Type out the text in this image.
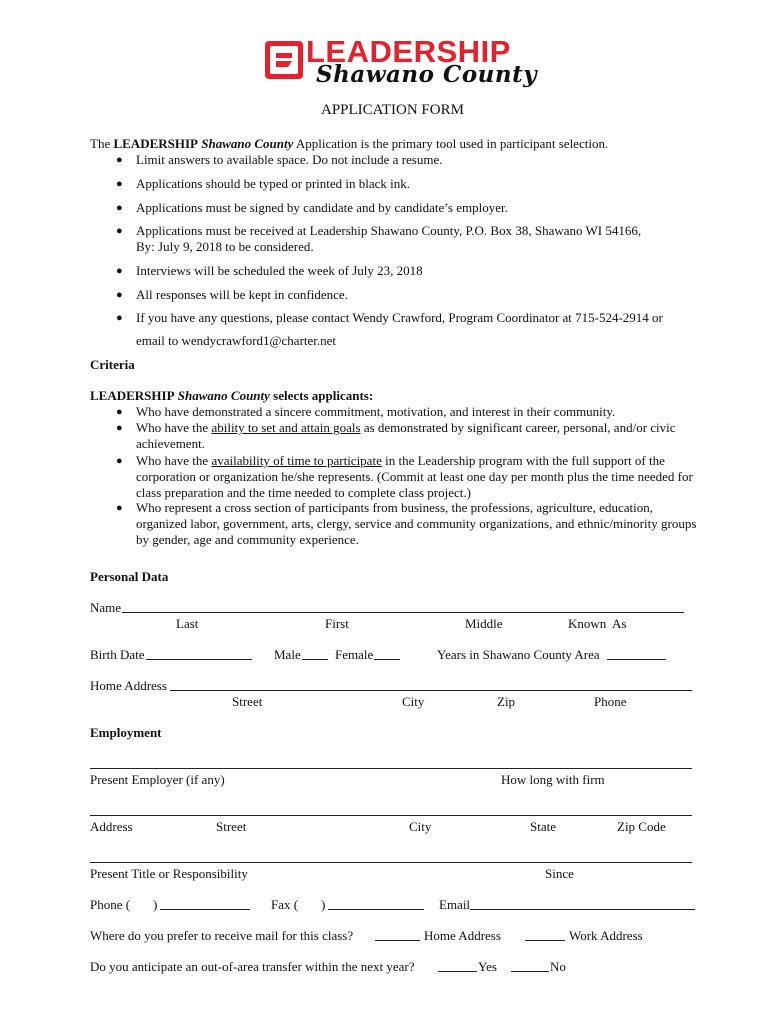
LEADERSHIP
Shawano County
APPLICATION FORM
The LEADERSHIP Shawano County Application is the primary tool used in participant selection.
● Limit answers to available space. Do not include a resume.
● Applications should be typed or printed in black ink.
● Applications must be signed by candidate and by candidate’s employer.
● Applications must be received at Leadership Shawano County, P.O. Box 38, Shawano WI 54166,
By: July 9, 2018 to be considered.
● Interviews will be scheduled the week of July 23, 2018
● All responses will be kept in confidence.
● If you have any questions, please contact Wendy Crawford, Program Coordinator at 715-524-2914 or
email to wendycrawford1@charter.net
Criteria
LEADERSHIP Shawano County selects applicants:
● Who have demonstrated a sincere commitment, motivation, and interest in their community.
● Who have the ability to set and attain goals as demonstrated by significant career, personal, and/or civic achievement.
● Who have the availability of time to participate in the Leadership program with the full support of the corporation or organization he/she represents. (Commit at least one day per month plus the time needed for class preparation and the time needed to complete class project.)
● Who represent a cross section of participants from business, the professions, agriculture, education, organized labor, government, arts, clergy, service and community organizations, and ethnic/minority groups by gender, age and community experience.
Personal Data
Name
Last	First	Middle	Known  As
Birth Date	Male	Female	Years in Shawano County Area
Home Address
Street	City	Zip	Phone
Employment
Present Employer (if any)	How long with firm
Address	Street	City	State	Zip Code
Present Title or Responsibility	Since
Phone ( )	Fax ( )	Email
Where do you prefer to receive mail for this class?	Home Address	Work Address
Do you anticipate an out-of-area transfer within the next year?	Yes	No
